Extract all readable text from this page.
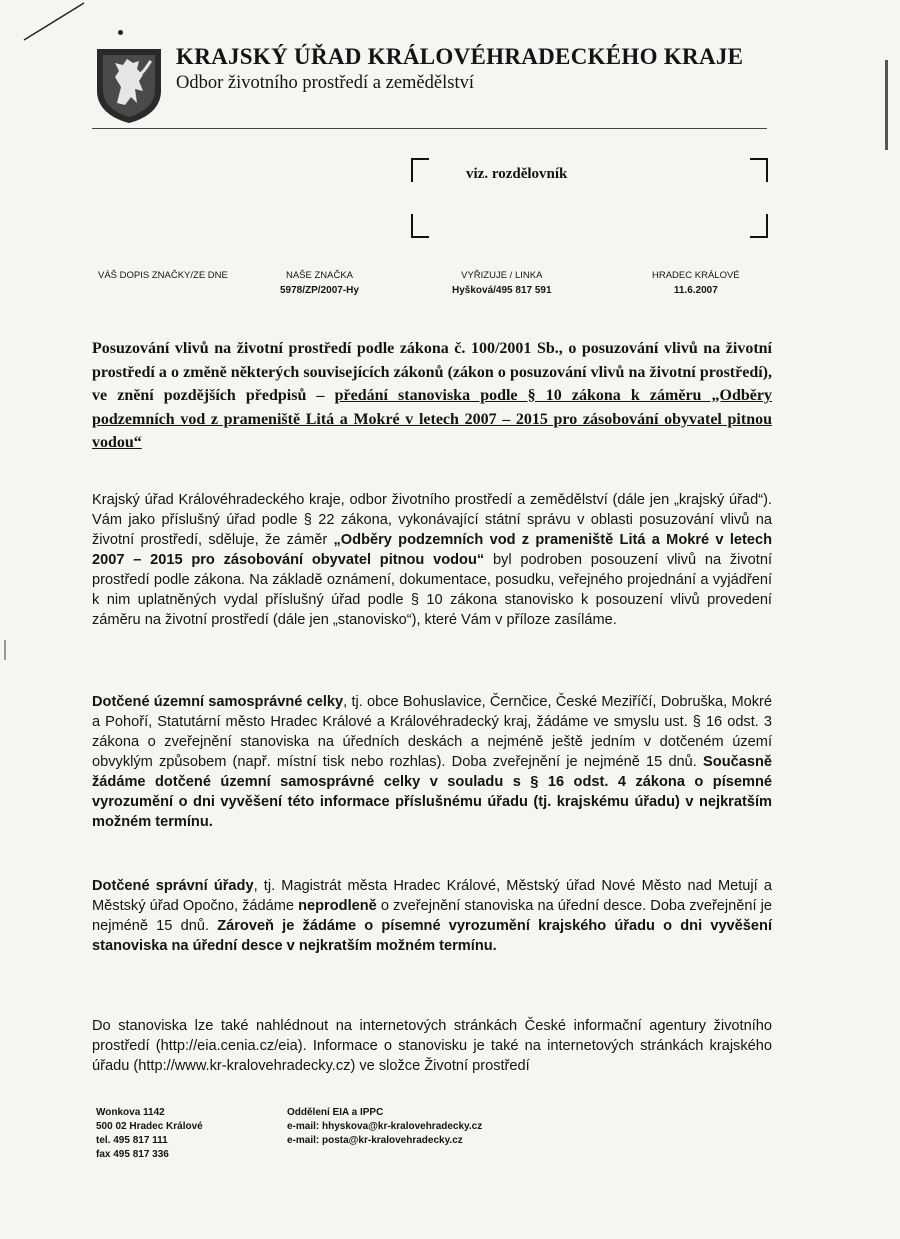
KRAJSKÝ ÚŘAD KRÁLOVÉHRADECKÉHO KRAJE
Odbor životního prostředí a zemědělství
viz. rozdělovník
VÁŠ DOPIS ZNAČKY/ZE DNE	NAŠE ZNAČKA
5978/ZP/2007-Hy
VYŘIZUJE / LINKA
Hyšková/495 817 591
HRADEC KRÁLOVÉ
11.6.2007
Posuzování vlivů na životní prostředí podle zákona č. 100/2001 Sb., o posuzování vlivů na životní prostředí a o změně některých souvisejících zákonů (zákon o posuzování vlivů na životní prostředí), ve znění pozdějších předpisů – předání stanoviska podle § 10 zákona k záměru „Odběry podzemních vod z prameniště Litá a Mokré v letech 2007 – 2015 pro zásobování obyvatel pitnou vodou“
Krajský úřad Královéhradeckého kraje, odbor životního prostředí a zemědělství (dále jen „krajský úřad“). Vám jako příslušný úřad podle § 22 zákona, vykonávající státní správu v oblasti posuzování vlivů na životní prostředí, sděluje, že záměr „Odběry podzemních vod z prameniště Litá a Mokré v letech 2007 – 2015 pro zásobování obyvatel pitnou vodou“ byl podroben posouzení vlivů na životní prostředí podle zákona. Na základě oznámení, dokumentace, posudku, veřejného projednání a vyjádření k nim uplatněných vydal příslušný úřad podle § 10 zákona stanovisko k posouzení vlivů provedení záměru na životní prostředí (dále jen „stanovisko“), které Vám v příloze zasíláme.
Dotčené územní samosprávné celky, tj. obce Bohuslavice, Černčice, České Meziříčí, Dobruška, Mokré a Pohoří, Statutární město Hradec Králové a Královéhradecký kraj, žádáme ve smyslu ust. § 16 odst. 3 zákona o zveřejnění stanoviska na úředních deskách a nejméně ještě jedním v dotčeném území obvyklým způsobem (např. místní tisk nebo rozhlas). Doba zveřejnění je nejméně 15 dnů. Současně žádáme dotčené územní samosprávné celky v souladu s § 16 odst. 4 zákona o písemné vyrozumění o dni vyvěšení této informace příslušnému úřadu (tj. krajskému úřadu) v nejkratším možném termínu.
Dotčené správní úřady, tj. Magistrát města Hradec Králové, Městský úřad Nové Město nad Metují a Městský úřad Opočno, žádáme neprodleně o zveřejnění stanoviska na úřední desce. Doba zveřejnění je nejméně 15 dnů. Zároveň je žádáme o písemné vyrozumění krajského úřadu o dni vyvěšení stanoviska na úřední desce v nejkratším možném termínu.
Do stanoviska lze také nahlédnout na internetových stránkách České informační agentury životního prostředí (http://eia.cenia.cz/eia). Informace o stanovisku je také na internetových stránkách krajského úřadu (http://www.kr-kralovehradecky.cz) ve složce Životní prostředí
Wonkova 1142
500 02 Hradec Králové
tel. 495 817 111
fax 495 817 336
Oddělení EIA a IPPC
e-mail: hhyskova@kr-kralovehradecky.cz
e-mail: posta@kr-kralovehradecky.cz
